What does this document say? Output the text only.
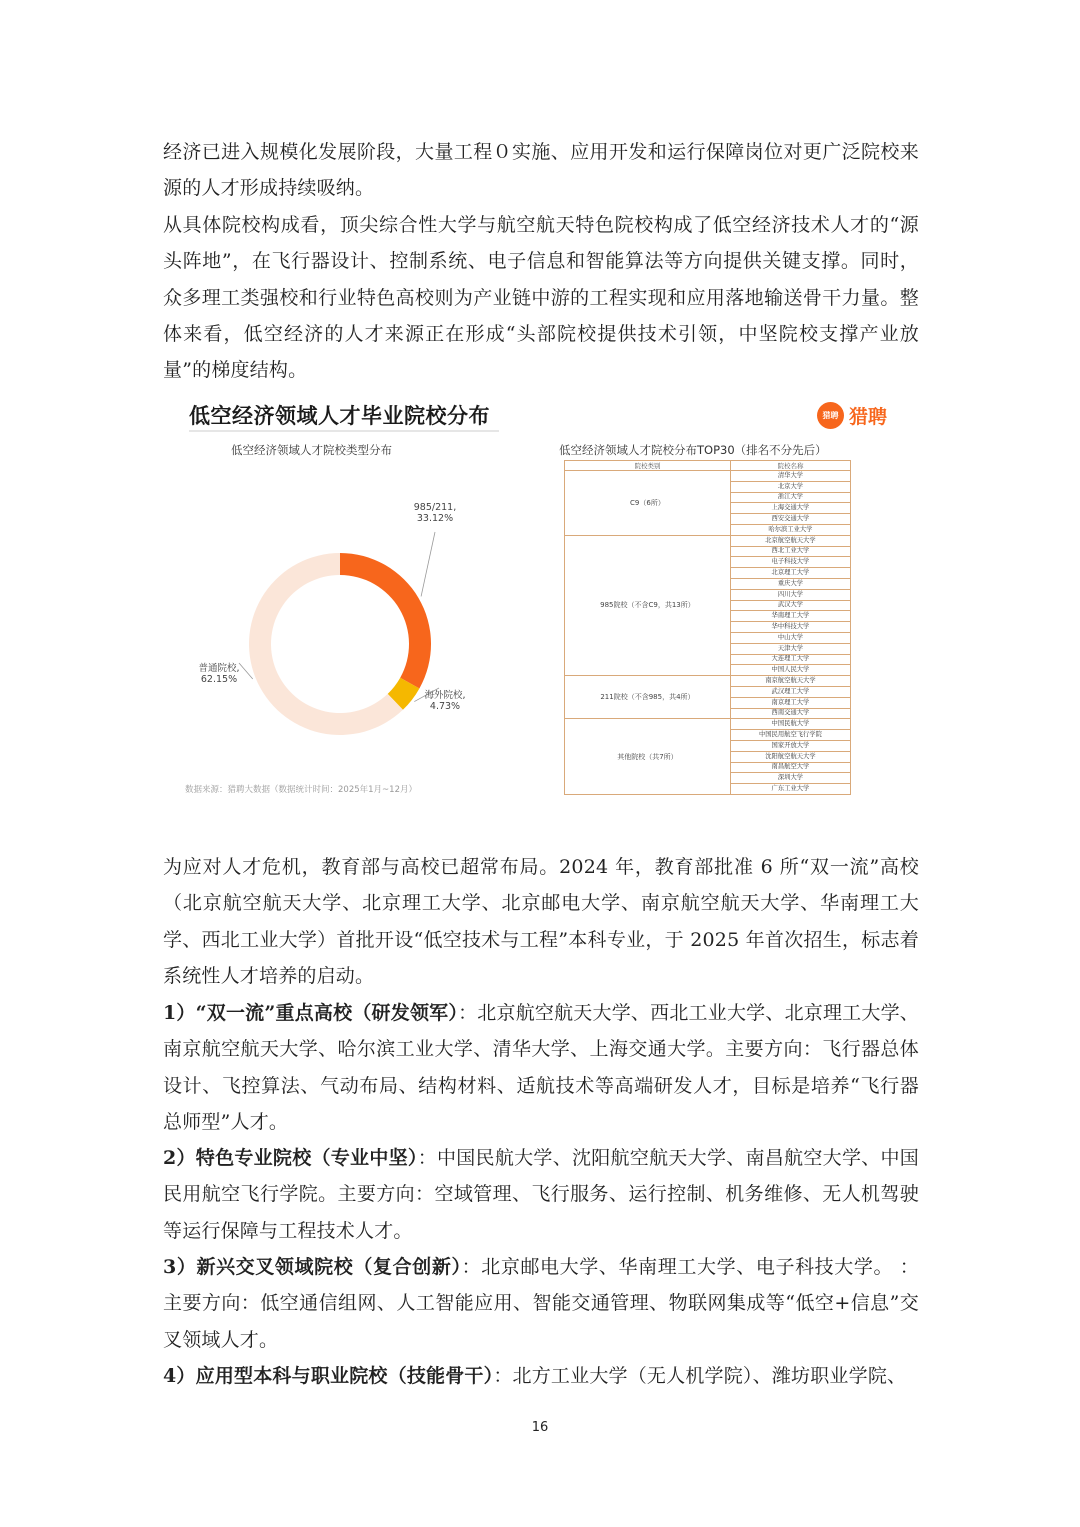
经济已进入规模化发展阶段，大量工程０实施、应用开发和运行保障岗位对更广泛院校来源的人才形成持续吸纳。

从具体院校构成看，顶尖综合性大学与航空航天特色院校构成了低空经济技术人才的“源头阵地”，在飞行器设计、控制系统、电子信息和智能算法等方向提供关键支撑。同时，众多理工类强校和行业特色高校则为产业链中游的工程实现和应用落地输送骨干力量。整体来看，低空经济的人才来源正在形成“头部院校提供技术引领，中坚院校支撑产业放量”的梯度结构。

低空经济领域人才毕业院校分布	猎聘 猎聘
低空经济领域人才院校类型分布
985/211,
33.12%
海外院校,
4.73%
普通院校,
62.15%
数据来源：猎聘大数据（数据统计时间：2025年1月~12月）
低空经济领域人才院校分布TOP30（排名不分先后）
院校类别	院校名称
C9（6所）	清华大学
	北京大学
	浙江大学
	上海交通大学
	西安交通大学
	哈尔滨工业大学
985院校（不含C9，共13所）	北京航空航天大学
	西北工业大学
	电子科技大学
	北京理工大学
	重庆大学
	四川大学
	武汉大学
	华南理工大学
	华中科技大学
	中山大学
	天津大学
	大连理工大学
	中国人民大学
211院校（不含985，共4所）	南京航空航天大学
	武汉理工大学
	南京理工大学
	西南交通大学
其他院校（共7所）	中国民航大学
	中国民用航空飞行学院
	国家开放大学
	沈阳航空航天大学
	南昌航空大学
	深圳大学
	广东工业大学

为应对人才危机，教育部与高校已超常布局。2024 年，教育部批准 6 所“双一流”高校（北京航空航天大学、北京理工大学、北京邮电大学、南京航空航天大学、华南理工大学、西北工业大学）首批开设“低空技术与工程”本科专业，于 2025 年首次招生，标志着系统性人才培养的启动。

1）“双一流”重点高校（研发领军）：北京航空航天大学、西北工业大学、北京理工大学、南京航空航天大学、哈尔滨工业大学、清华大学、上海交通大学。主要方向：飞行器总体设计、飞控算法、气动布局、结构材料、适航技术等高端研发人才，目标是培养“飞行器总师型”人才。

2）特色专业院校（专业中坚）：中国民航大学、沈阳航空航天大学、南昌航空大学、中国民用航空飞行学院。主要方向：空域管理、飞行服务、运行控制、机务维修、无人机驾驶等运行保障与工程技术人才。

3）新兴交叉领域院校（复合创新）：北京邮电大学、华南理工大学、电子科技大学。 ：主要方向：低空通信组网、人工智能应用、智能交通管理、物联网集成等“低空+信息”交叉领域人才。

4）应用型本科与职业院校（技能骨干）：北方工业大学（无人机学院）、潍坊职业学院、

16
